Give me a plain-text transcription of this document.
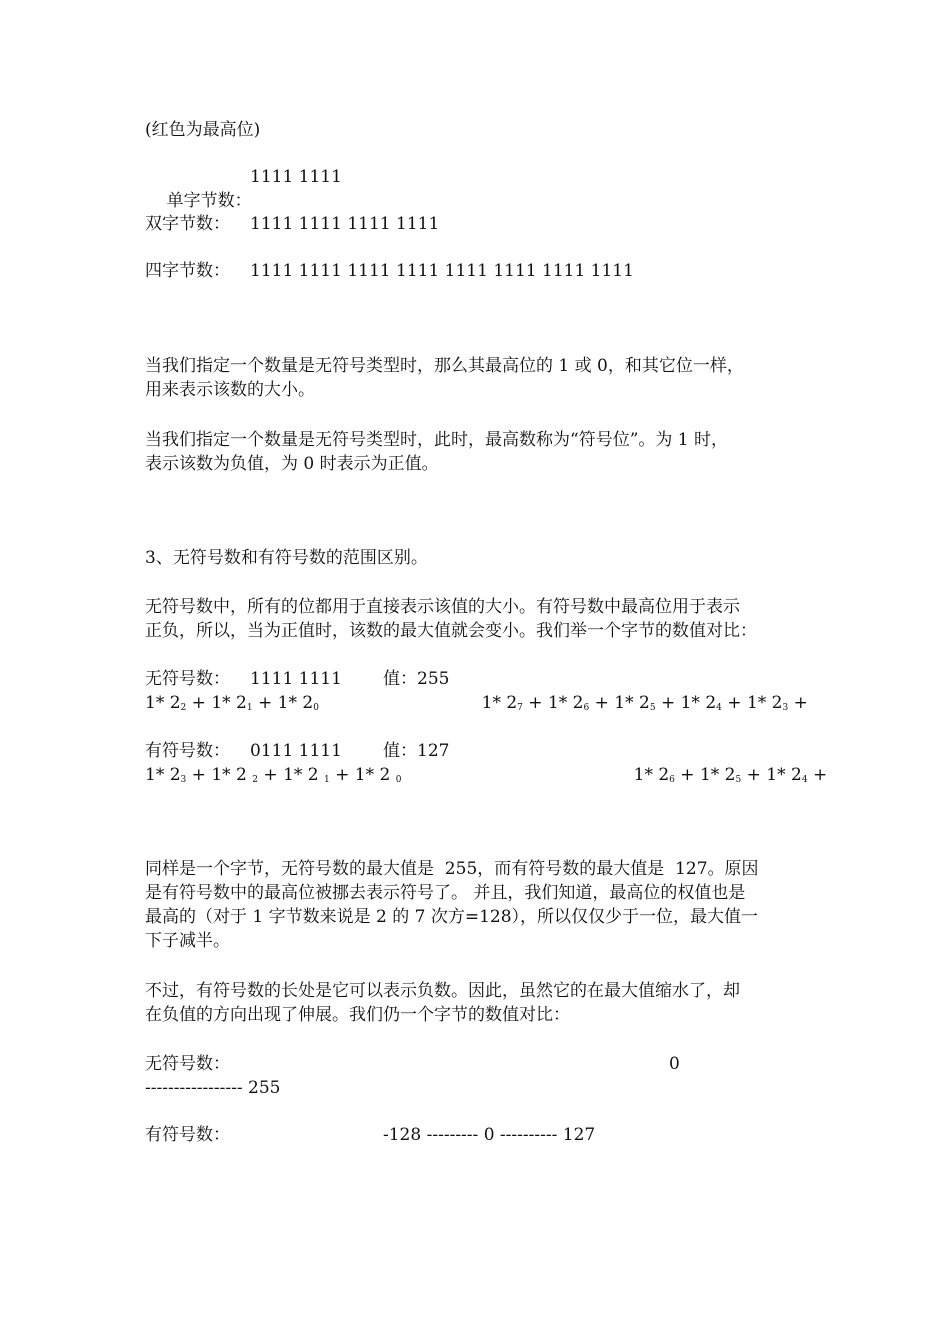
(红色为最高位)

单字节数：

1111 1111
双字节数： 1111 1111 1111 1111
四字节数： 1111 1111 1111 1111 1111 1111 1111 1111
当我们指定一个数量是无符号类型时，那么其最高位的 1 或 0，和其它位一样，
用来表示该数的大小。
当我们指定一个数量是无符号类型时，此时，最高数称为“符号位”。为 1 时，
表示该数为负值，为 0 时表示为正值。
3、无符号数和有符号数的范围区别。
无符号数中，所有的位都用于直接表示该值的大小。有符号数中最高位用于表示
正负，所以，当为正值时，该数的最大值就会变小。我们举一个字节的数值对比：
无符号数： 1111 1111 值：255

1* 27 + 1* 26 + 1* 25 + 1* 24 + 1* 23 +

1* 22 + 1* 21 + 1* 20
有符号数： 0111 1111 值：127

1* 26 + 1* 25 + 1* 24 +

1* 23 + 1* 2 2 + 1* 2 1 + 1* 2 0
同样是一个字节，无符号数的最大值是  255，而有符号数的最大值是  127。原因
是有符号数中的最高位被挪去表示符号了。 并且，我们知道，最高位的权值也是
最高的（对于 1 字节数来说是 2 的 7 次方=128），所以仅仅少于一位，最大值一
下子减半。
不过，有符号数的长处是它可以表示负数。因此，虽然它的在最大值缩水了，却
在负值的方向出现了伸展。我们仍一个字节的数值对比：
无符号数：	0
----------------- 255
有符号数：	-128 --------- 0 ---------- 127
